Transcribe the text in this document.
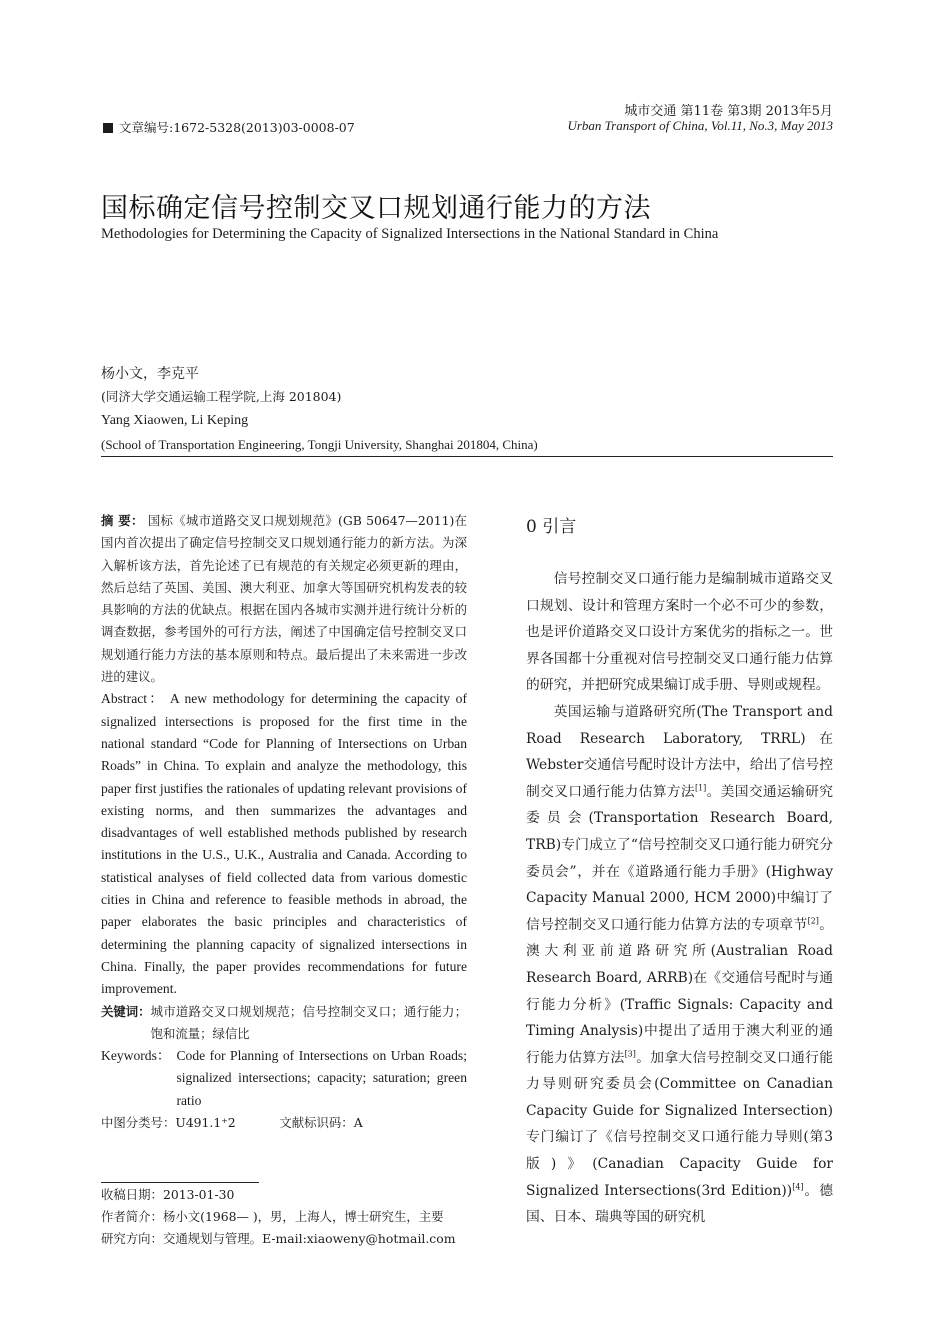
城市交通 第11卷 第3期 2013年5月
Urban Transport of China, Vol.11, No.3, May 2013
文章编号:1672-5328(2013)03-0008-07
国标确定信号控制交叉口规划通行能力的方法
Methodologies for Determining the Capacity of Signalized Intersections in the National Standard in China
杨小文，李克平
(同济大学交通运输工程学院,上海 201804)
Yang Xiaowen, Li Keping
(School of Transportation Engineering, Tongji University, Shanghai 201804, China)

摘 要： 国标《城市道路交叉口规划规范》(GB 50647—2011)在国内首次提出了确定信号控制交叉口规划通行能力的新方法。为深入解析该方法，首先论述了已有规范的有关规定必须更新的理由，然后总结了英国、美国、澳大利亚、加拿大等国研究机构发表的较具影响的方法的优缺点。根据在国内各城市实测并进行统计分析的调查数据，参考国外的可行方法，阐述了中国确定信号控制交叉口规划通行能力方法的基本原则和特点。最后提出了未来需进一步改进的建议。

Abstract： A new methodology for determining the capacity of signalized intersections is proposed for the first time in the national standard “Code for Planning of Intersections on Urban Roads” in China. To explain and analyze the methodology, this paper first justifies the rationales of updating relevant provisions of existing norms, and then summarizes the advantages and disadvantages of well established methods published by research institutions in the U.S., U.K., Australia and Canada. According to statistical analyses of field collected data from various domestic cities in China and reference to feasible methods in abroad, the paper elaborates the basic principles and characteristics of determining the planning capacity of signalized intersections in China. Finally, the paper provides recommendations for future improvement.

关键词： 城市道路交叉口规划规范；信号控制交叉口；通行能力；饱和流量；绿信比
Keywords： Code for Planning of Intersections on Urban Roads; signalized intersections; capacity; saturation; green ratio
中图分类号： U491.1⁺2	文献标识码： A

收稿日期：2013-01-30

作者简介：杨小文(1968— )，男，上海人，博士研究生，主要

研究方向：交通规划与管理。E-mail:xiaoweny@hotmail.com

0 引言

信号控制交叉口通行能力是编制城市道路交叉口规划、设计和管理方案时一个必不可少的参数，也是评价道路交叉口设计方案优劣的指标之一。世界各国都十分重视对信号控制交叉口通行能力估算的研究，并把研究成果编订成手册、导则或规程。

英国运输与道路研究所(The Transport and Road Research Laboratory, TRRL)在Webster交通信号配时设计方法中，给出了信号控制交叉口通行能力估算方法[1]。美国交通运输研究委员会(Transportation Research Board, TRB)专门成立了“信号控制交叉口通行能力研究分委员会”，并在《道路通行能力手册》(Highway Capacity Manual 2000, HCM 2000)中编订了信号控制交叉口通行能力估算方法的专项章节[2]。澳大利亚前道路研究所(Australian Road Research Board, ARRB)在《交通信号配时与通行能力分析》(Traffic Signals: Capacity and Timing Analysis)中提出了适用于澳大利亚的通行能力估算方法[3]。加拿大信号控制交叉口通行能力导则研究委员会(Committee on Canadian Capacity Guide for Signalized Intersection)专门编订了《信号控制交叉口通行能力导则(第3版)》(Canadian Capacity Guide for Signalized Intersections(3rd Edition))[4]。德国、日本、瑞典等国的研究机
